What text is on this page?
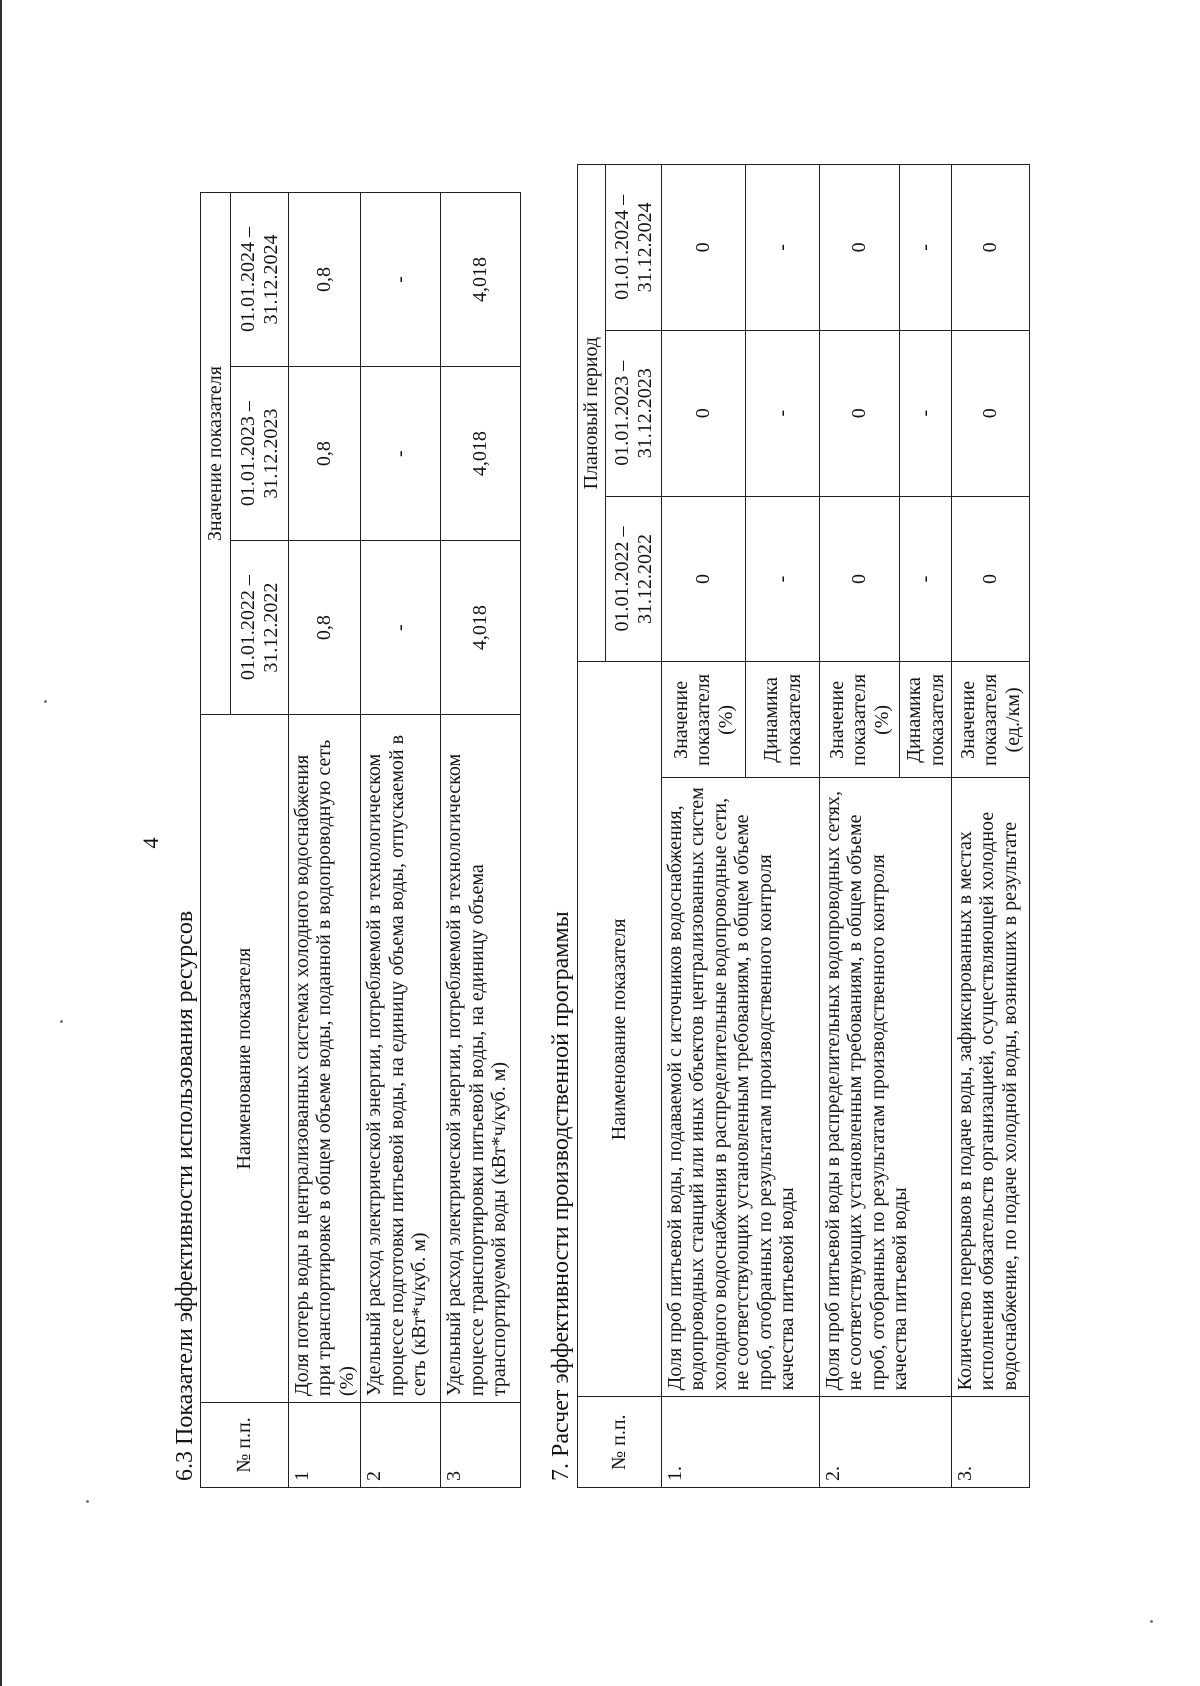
4
6.3 Показатели эффективности использования ресурсов № п.п.	Наименование показателя	Значение показателя		
		01.01.2022 – 31.12.2022	01.01.2023 – 31.12.2023	01.01.2024 – 31.12.2024
1	Доля потерь воды в централизованных системах холодного водоснабжения при транспортировке в общем объеме воды, поданной в водопроводную сеть (%)	0,8	0,8	0,8
2	Удельный расход электрической энергии, потребляемой в технологическом процессе подготовки питьевой воды, на единицу объема воды, отпускаемой в сеть (кВт*ч/куб. м)	-	-	-
3	Удельный расход электрической энергии, потребляемой в технологическом процессе транспортировки питьевой воды, на единицу объема транспортируемой воды (кВт*ч/куб. м)	4,018	4,018	4,018
7. Расчет эффективности производственной программы № п.п.	Наименование показателя		Плановый период		
			01.01.2022 – 31.12.2022	01.01.2023 – 31.12.2023	01.01.2024 – 31.12.2024
1.	Доля проб питьевой воды, подаваемой с источников водоснабжения, водопроводных станций или иных объектов централизованных систем холодного водоснабжения в распределительные водопроводные сети, не соответствующих установленным требованиям, в общем объеме проб, отобранных по результатам производственного контроля качества питьевой воды	Значение показателя (%)	0	0	0
		Динамика показателя	-	-	-
2.	Доля проб питьевой воды в распределительных водопроводных сетях, не соответствующих установленным требованиям, в общем объеме проб, отобранных по результатам производственного контроля качества питьевой воды	Значение показателя (%)	0	0	0
		Динамика показателя	-	-	-
3.	Количество перерывов в подаче воды, зафиксированных в местах исполнения обязательств организацией, осуществляющей холодное водоснабжение, по подаче холодной воды, возникших в результате	Значение показателя (ед./км)	0	0	0
